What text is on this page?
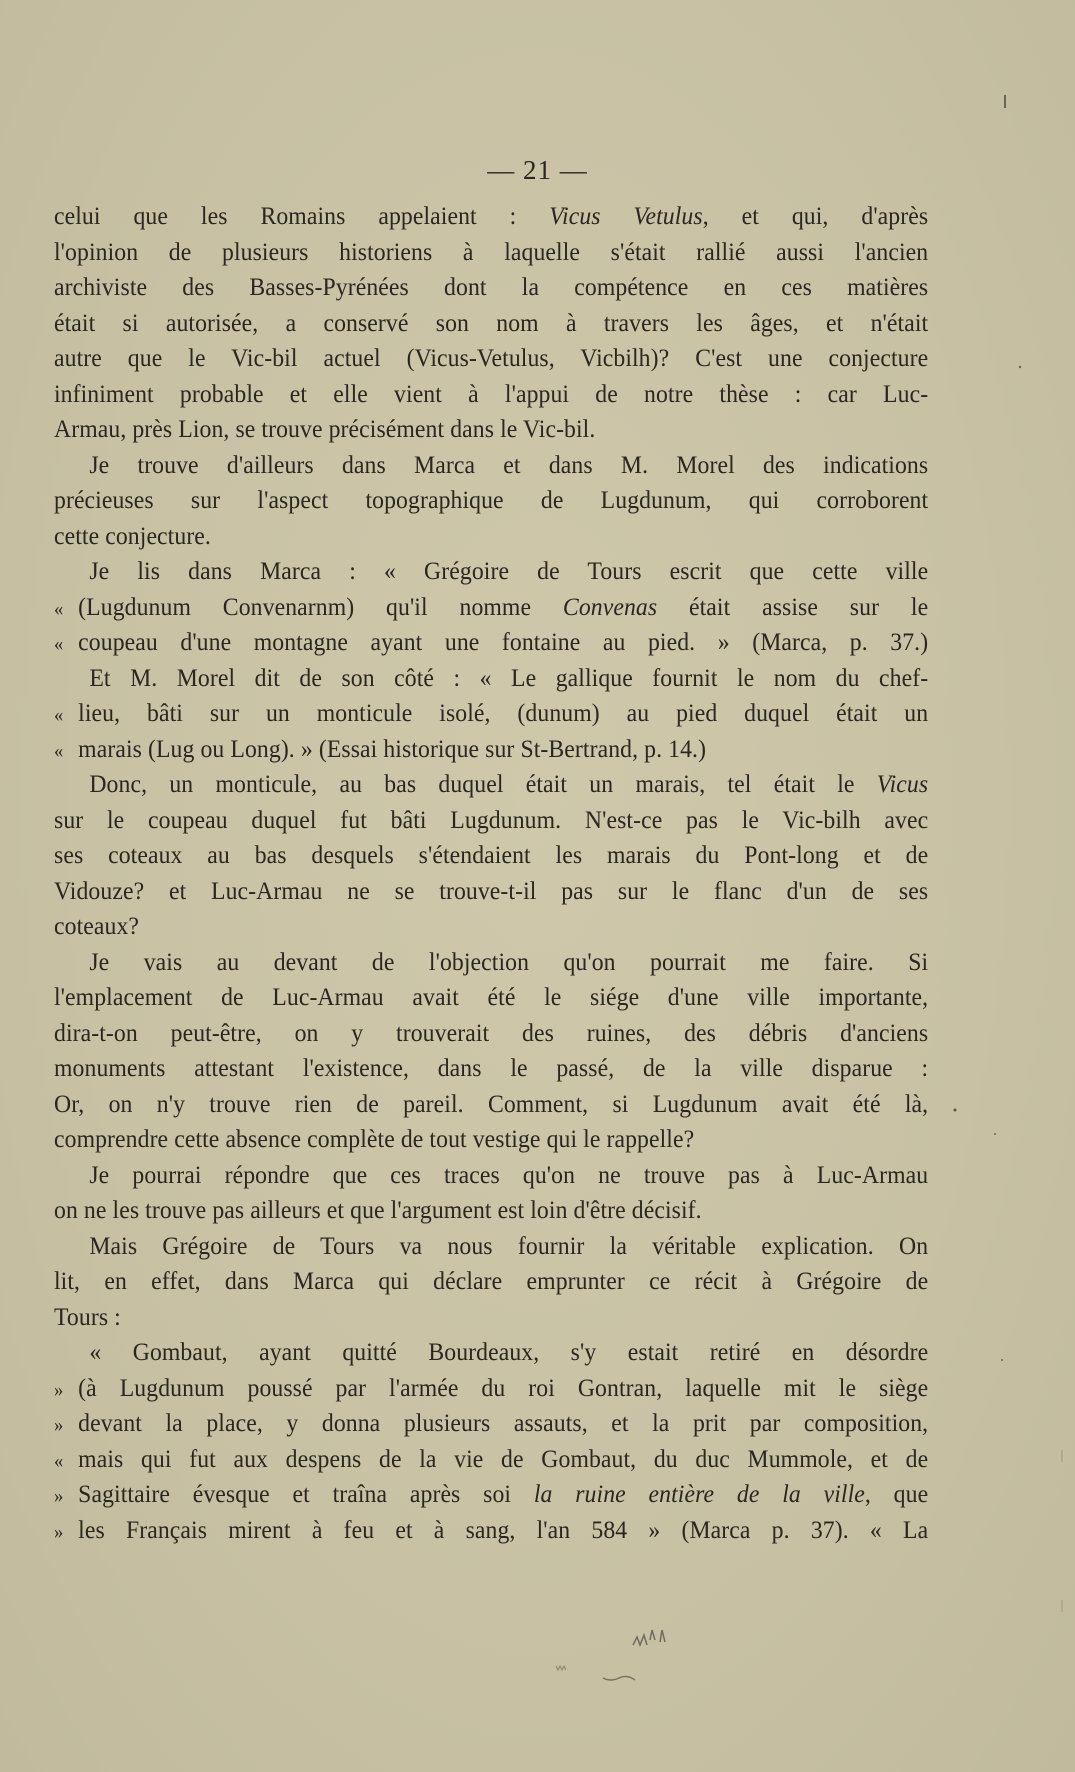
— 21 —
celui que les Romains appelaient : Vicus Vetulus, et qui, d'après
l'opinion de plusieurs historiens à laquelle s'était rallié aussi l'ancien
archiviste des Basses-Pyrénées dont la compétence en ces matières
était si autorisée, a conservé son nom à travers les âges, et n'était
autre que le Vic-bil actuel (Vicus-Vetulus, Vicbilh)? C'est une conjecture
infiniment probable et elle vient à l'appui de notre thèse : car Luc-
Armau, près Lion, se trouve précisément dans le Vic-bil.
Je trouve d'ailleurs dans Marca et dans M. Morel des indications
précieuses sur l'aspect topographique de Lugdunum, qui corroborent
cette conjecture.
Je lis dans Marca : « Grégoire de Tours escrit que cette ville
« (Lugdunum Convenarnm) qu'il nomme Convenas était assise sur le
« coupeau d'une montagne ayant une fontaine au pied. » (Marca, p. 37.)
Et M. Morel dit de son côté : « Le gallique fournit le nom du chef-
« lieu, bâti sur un monticule isolé, (dunum) au pied duquel était un
« marais (Lug ou Long). » (Essai historique sur St-Bertrand, p. 14.)
Donc, un monticule, au bas duquel était un marais, tel était le Vicus
sur le coupeau duquel fut bâti Lugdunum. N'est-ce pas le Vic-bilh avec
ses coteaux au bas desquels s'étendaient les marais du Pont-long et de
Vidouze? et Luc-Armau ne se trouve-t-il pas sur le flanc d'un de ses
coteaux?
Je vais au devant de l'objection qu'on pourrait me faire. Si
l'emplacement de Luc-Armau avait été le siége d'une ville importante,
dira-t-on peut-être, on y trouverait des ruines, des débris d'anciens
monuments attestant l'existence, dans le passé, de la ville disparue :
Or, on n'y trouve rien de pareil. Comment, si Lugdunum avait été là,
comprendre cette absence complète de tout vestige qui le rappelle?
Je pourrai répondre que ces traces qu'on ne trouve pas à Luc-Armau
on ne les trouve pas ailleurs et que l'argument est loin d'être décisif.
Mais Grégoire de Tours va nous fournir la véritable explication. On
lit, en effet, dans Marca qui déclare emprunter ce récit à Grégoire de
Tours :
« Gombaut, ayant quitté Bourdeaux, s'y estait retiré en désordre
» (à Lugdunum poussé par l'armée du roi Gontran, laquelle mit le siège
» devant la place, y donna plusieurs assauts, et la prit par composition,
« mais qui fut aux despens de la vie de Gombaut, du duc Mummole, et de
» Sagittaire évesque et traîna après soi la ruine entière de la ville, que
» les Français mirent à feu et à sang, l'an 584 » (Marca p. 37). « La
